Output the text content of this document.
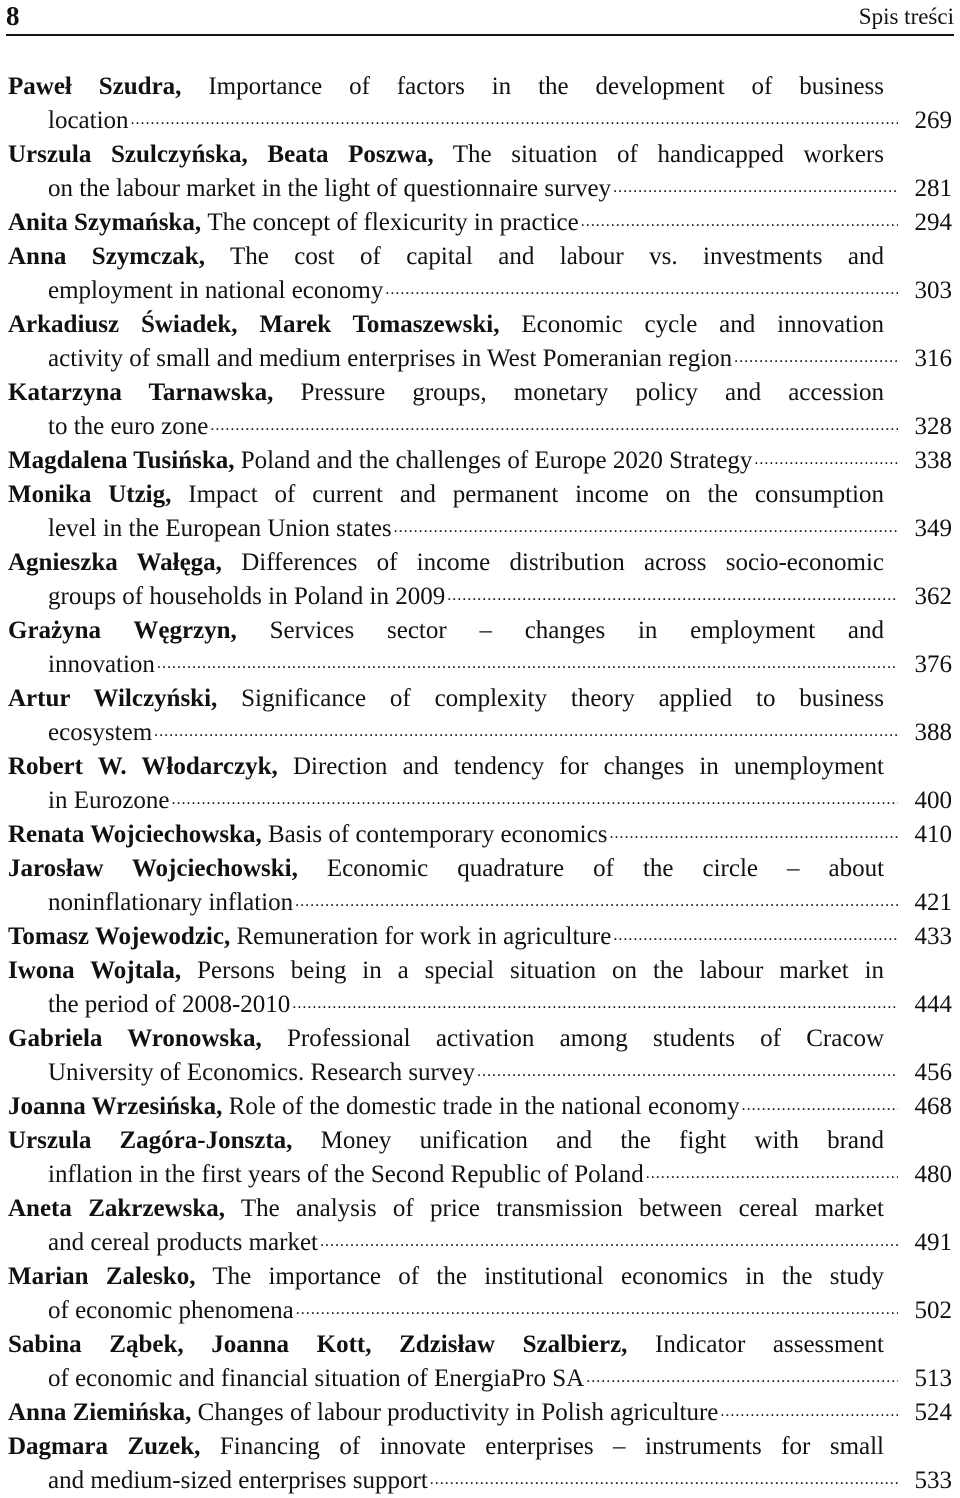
8	Spis treści
Paweł Szudra, Importance of factors in the development of business
location .....	269
Urszula Szulczyńska, Beata Poszwa, The situation of handicapped workers
on the labour market in the light of questionnaire survey .....	281
Anita Szymańska,
The concept of flexicurity in practice .....	294
Anna Szymczak, The cost of capital and labour vs. investments and
employment in national economy .....	303
Arkadiusz Świadek, Marek Tomaszewski, Economic cycle and innovation
activity of small and medium enterprises in West Pomeranian region .....	316
Katarzyna Tarnawska, Pressure groups, monetary policy and accession
to the euro zone .....	328
Magdalena Tusińska,
Poland and the challenges of Europe 2020 Strategy .....	338
Monika Utzig, Impact of current and permanent income on the consumption
level in the European Union states .....	349
Agnieszka Wałęga, Differences of income distribution across socio-economic
groups of households in Poland in 2009 .....	362
Grażyna Węgrzyn, Services sector – changes in employment and
innovation .....	376
Artur Wilczyński, Significance of complexity theory applied to business
ecosystem .....	388
Robert W. Włodarczyk, Direction and tendency for changes in unemployment
in Eurozone .....	400
Renata Wojciechowska,
Basis of contemporary economics .....	410
Jarosław Wojciechowski, Economic quadrature of the circle – about
noninflationary inflation .....	421
Tomasz Wojewodzic,
Remuneration for work in agriculture .....	433
Iwona Wojtala, Persons being in a special situation on the labour market in
the period of 2008-2010 .....	444
Gabriela Wronowska, Professional activation among students of Cracow
University of Economics. Research survey .....	456
Joanna Wrzesińska,
Role of the domestic trade in the national economy .....	468
Urszula Zagóra-Jonszta, Money unification and the fight with brand
inflation in the first years of the Second Republic of Poland .....	480
Aneta Zakrzewska, The analysis of price transmission between cereal market
and cereal products market .....	491
Marian Zalesko, The importance of the institutional economics in the study
of economic phenomena .....	502
Sabina Ząbek, Joanna Kott, Zdzisław Szalbierz, Indicator assessment
of economic and financial situation of EnergiaPro SA .....	513
Anna Ziemińska,
Changes of labour productivity in Polish agriculture .....	524
Dagmara Zuzek, Financing of innovate enterprises – instruments for small
and medium-sized enterprises support .....	533
